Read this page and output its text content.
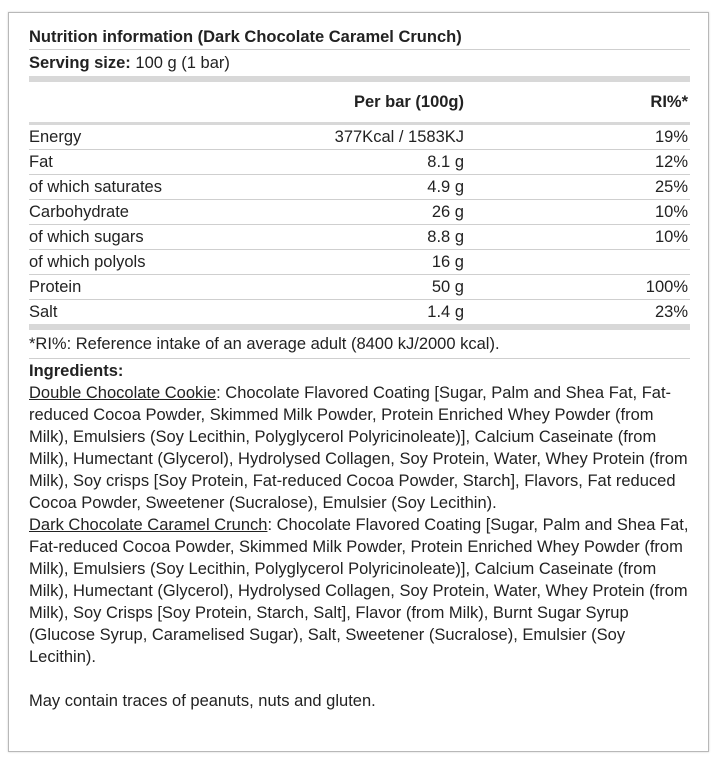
Nutrition information (Dark Chocolate Caramel Crunch)
Serving size: 100 g (1 bar)
	Per bar (100g)	RI%*
Energy	377Kcal / 1583KJ	19%
Fat	8.1 g	12%
of which saturates	4.9 g	25%
Carbohydrate	26 g	10%
of which sugars	8.8 g	10%
of which polyols	16 g	
Protein	50 g	100%
Salt	1.4 g	23%
*RI%: Reference intake of an average adult (8400 kJ/2000 kcal).
Ingredients:
Double Chocolate Cookie: Chocolate Flavored Coating [Sugar, Palm and Shea Fat, Fat-reduced Cocoa Powder, Skimmed Milk Powder, Protein Enriched Whey Powder (from Milk), Emulsiers (Soy Lecithin, Polyglycerol Polyricinoleate)], Calcium Caseinate (from Milk), Humectant (Glycerol), Hydrolysed Collagen, Soy Protein, Water, Whey Protein (from Milk), Soy crisps [Soy Protein, Fat-reduced Cocoa Powder, Starch], Flavors, Fat reduced Cocoa Powder, Sweetener (Sucralose), Emulsier (Soy Lecithin).
Dark Chocolate Caramel Crunch: Chocolate Flavored Coating [Sugar, Palm and Shea Fat, Fat-reduced Cocoa Powder, Skimmed Milk Powder, Protein Enriched Whey Powder (from Milk), Emulsiers (Soy Lecithin, Polyglycerol Polyricinoleate)], Calcium Caseinate (from Milk), Humectant (Glycerol), Hydrolysed Collagen, Soy Protein, Water, Whey Protein (from Milk), Soy Crisps [Soy Protein, Starch, Salt], Flavor (from Milk), Burnt Sugar Syrup (Glucose Syrup, Caramelised Sugar), Salt, Sweetener (Sucralose), Emulsier (Soy Lecithin).
May contain traces of peanuts, nuts and gluten.
